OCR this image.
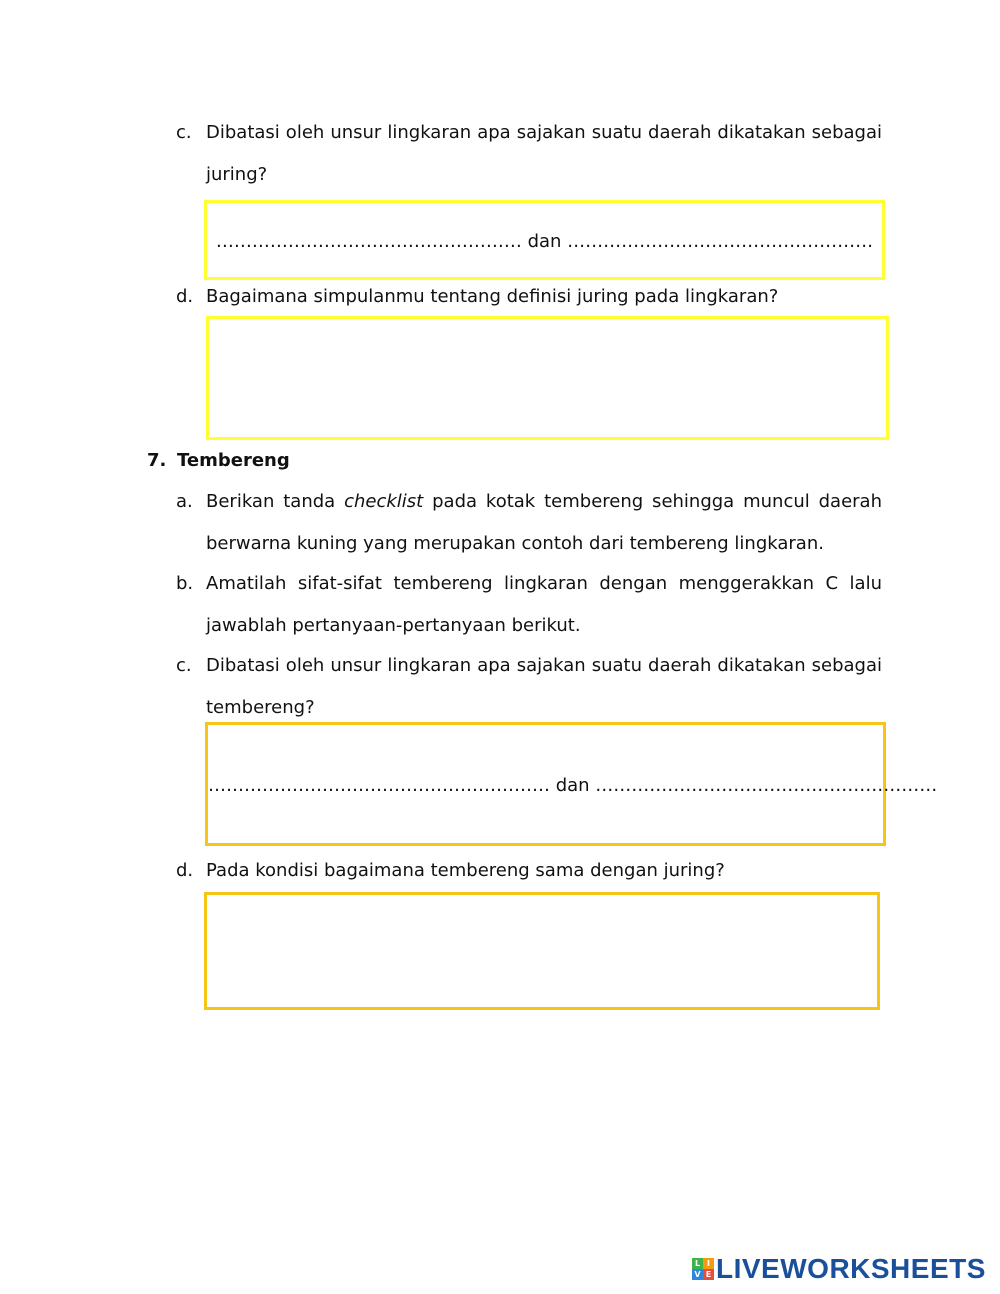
c. Dibatasi oleh unsur lingkaran apa sajakan suatu daerah dikatakan sebagai
juring?
…………………………………………… dan ……………………………………………
d. Bagaimana simpulanmu tentang definisi juring pada lingkaran?
7. Tembereng
a. Berikan tanda checklist pada kotak tembereng sehingga muncul daerah
berwarna kuning yang merupakan contoh dari tembereng lingkaran.
b. Amatilah sifat-sifat tembereng lingkaran dengan menggerakkan C lalu
jawablah pertanyaan-pertanyaan berikut.
c. Dibatasi oleh unsur lingkaran apa sajakan suatu daerah dikatakan sebagai
tembereng?
………………………………………………… dan …………………………………………………
d. Pada kondisi bagaimana tembereng sama dengan juring?
L I
V E LIVEWORKSHEETS
